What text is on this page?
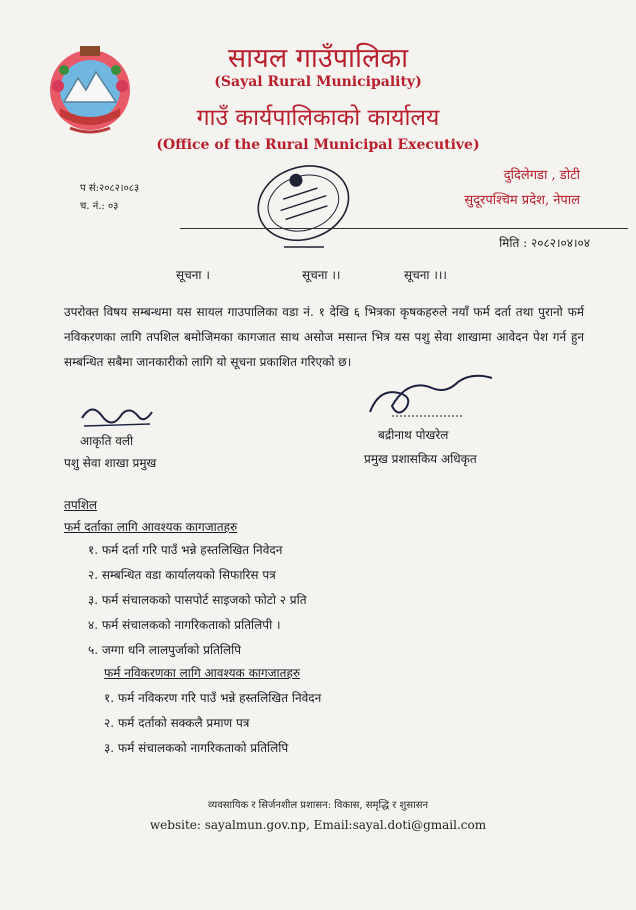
सायल गाउँपालिका
(Sayal Rural Municipality)
गाउँ कार्यपालिकाको कार्यालय
(Office of the Rural Municipal Executive)
प सं:२०८२।०८३
च. नं.: ०३
दुदिलेगडा , डोटी
सुदूरपश्चिम प्रदेश, नेपाल
मिति : २०८२।०४।०४
सूचना ।	सूचना ।।	सूचना ।।।
उपरोक्त विषय सम्बन्धमा यस सायल गाउपालिका वडा नं. १ देखि ६ भित्रका कृषकहरुले नयाँ फर्म दर्ता तथा पुरानो फर्म नविकरणका लागि तपशिल बमोजिमका कागजात साथ असोज मसान्त भित्र यस पशु सेवा शाखामा आवेदन पेश गर्न हुन सम्बन्धित सबैमा जानकारीको लागि यो सूचना प्रकाशित गरिएको छ।
आकृति वली
पशु सेवा शाखा प्रमुख
बद्रीनाथ पोखरेल
प्रमुख प्रशासकिय अधिकृत
तपशिल
फर्म दर्ताका लागि आवश्यक कागजातहरु
१. फर्म दर्ता गरि पाउँ भन्ने हस्तलिखित निवेदन
२. सम्बन्धित वडा कार्यालयको सिफारिस पत्र
३. फर्म संचालकको पासपोर्ट साइजको फोटो २ प्रति
४. फर्म संचालकको नागरिकताको प्रतिलिपी ।
५. जग्गा धनि लालपुर्जाको प्रतिलिपि
फर्म नविकरणका लागि आवश्यक कागजातहरु
१. फर्म नविकरण गरि पाउँ भन्ने हस्तलिखित निवेदन
२. फर्म दर्ताको सक्कलै प्रमाण पत्र
३. फर्म संचालकको नागरिकताको प्रतिलिपि
व्यवसायिक र सिर्जनशील प्रशासन: विकास, समृद्धि र शुसासन
website: sayalmun.gov.np, Email:sayal.doti@gmail.com
